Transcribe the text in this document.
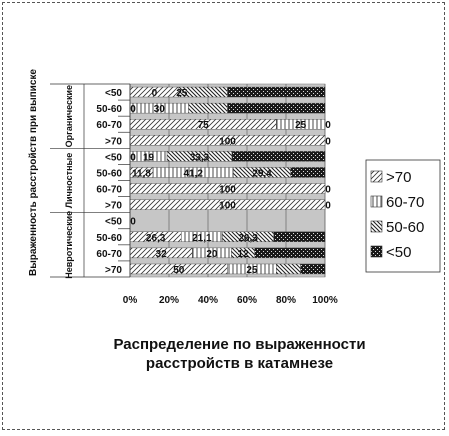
50	25
32	20 12
26,3	21,1	26,3
0
100	0
100	0
11,8	41,2	29,4
0 19	33,3
100	0
75	25 0
0 30
0 25
0% 20% 40% 60% 80% 100%
>70
60-70
50-60
<50
>70
60-70
50-60
<50
>70
60-70
50-60
<50
Органические
Личностные
Невротические
>70
60-70
50-60
<50
Выраженность расстройств при выписке
Распределение по выраженности
расстройств в катамнезе
